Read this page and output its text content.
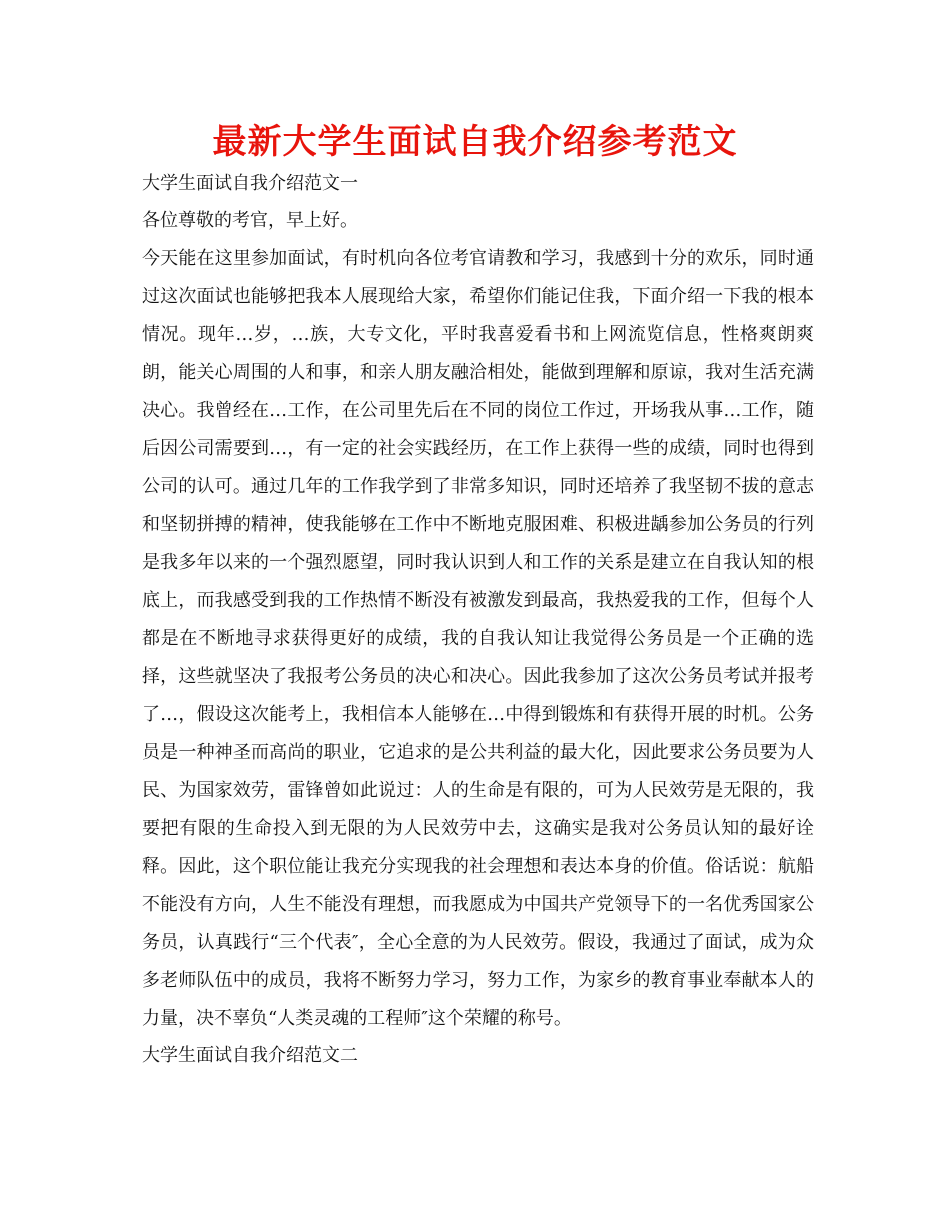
最新大学生面试自我介绍参考范文

大学生面试自我介绍范文一

各位尊敬的考官，早上好。

今天能在这里参加面试，有时机向各位考官请教和学习，我感到十分的欢乐，同时通过这次面试也能够把我本人展现给大家，希望你们能记住我，下面介绍一下我的根本情况。现年…岁，…族，大专文化，平时我喜爱看书和上网流览信息，性格爽朗爽朗，能关心周围的人和事，和亲人朋友融洽相处，能做到理解和原谅，我对生活充满决心。我曾经在…工作，在公司里先后在不同的岗位工作过，开场我从事…工作，随后因公司需要到…，有一定的社会实践经历，在工作上获得一些的成绩，同时也得到公司的认可。通过几年的工作我学到了非常多知识，同时还培养了我坚韧不拔的意志和坚韧拼搏的精神，使我能够在工作中不断地克服困难、积极进龋参加公务员的行列是我多年以来的一个强烈愿望，同时我认识到人和工作的关系是建立在自我认知的根底上，而我感受到我的工作热情不断没有被激发到最高，我热爱我的工作，但每个人都是在不断地寻求获得更好的成绩，我的自我认知让我觉得公务员是一个正确的选择，这些就坚决了我报考公务员的决心和决心。因此我参加了这次公务员考试并报考了…，假设这次能考上，我相信本人能够在…中得到锻炼和有获得开展的时机。公务员是一种神圣而高尚的职业，它追求的是公共利益的最大化，因此要求公务员要为人民、为国家效劳，雷锋曾如此说过：人的生命是有限的，可为人民效劳是无限的，我要把有限的生命投入到无限的为人民效劳中去，这确实是我对公务员认知的最好诠释。因此，这个职位能让我充分实现我的社会理想和表达本身的价值。俗话说：航船不能没有方向，人生不能没有理想，而我愿成为中国共产党领导下的一名优秀国家公务员，认真践行“三个代表″，全心全意的为人民效劳。假设，我通过了面试，成为众多老师队伍中的成员，我将不断努力学习，努力工作，为家乡的教育事业奉献本人的力量，决不辜负“人类灵魂的工程师″这个荣耀的称号。

大学生面试自我介绍范文二
